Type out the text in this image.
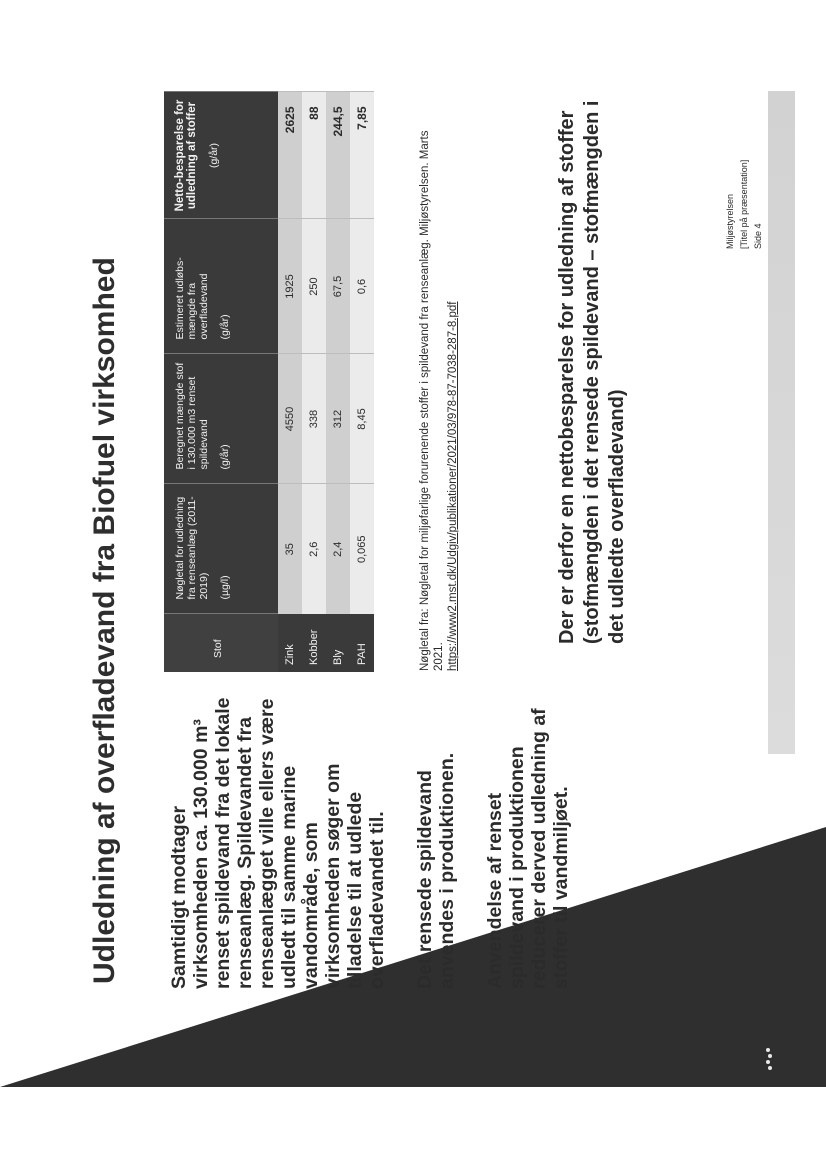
Udledning af overfladevand fra Biofuel virksomhed Samtidigt modtager virksomheden ca. 130.000 m³ renset spildevand fra det lokale renseanlæg. Spildevandet fra renseanlægget ville ellers være udledt til samme marine vandområde, som virksomheden søger om tilladelse til at udlede overfladevandet til. Det rensede spildevand anvendes i produktionen. Anvendelse af renset spildevand i produktionen reducerer derved udledning af stoffer til vandmiljøet.

Stof	Nøgletal for udledning fra renseanlæg (2011-2019) (µg/l)	Beregnet mængde stof i 130.000 m3 renset spildevand (g/år)	Estimeret udløbs-mængde fra overfladevand (g/år)	Netto-besparelse for udledning af stoffer (g/år)

Zink	35	4550	1925	2625
Kobber	2,6	338	250	88
Bly	2,4	312	67,5	244,5
PAH	0,065	8,45	0,6	7,85
Nøgletal fra: Nøgletal for miljøfarlige forurenende stoffer i spildevand fra renseanlæg. Miljøstyrelsen. Marts 2021. https://www2.mst.dk/Udgiv/publikationer/2021/03/978-87-7038-287-8.pdf	Der er derfor en nettobesparelse for udledning af stoffer (stofmængden i det rensede spildevand – stofmængden i det udledte overfladevand)

Miljøstyrelsen [Titel på præsentation] Side 4
